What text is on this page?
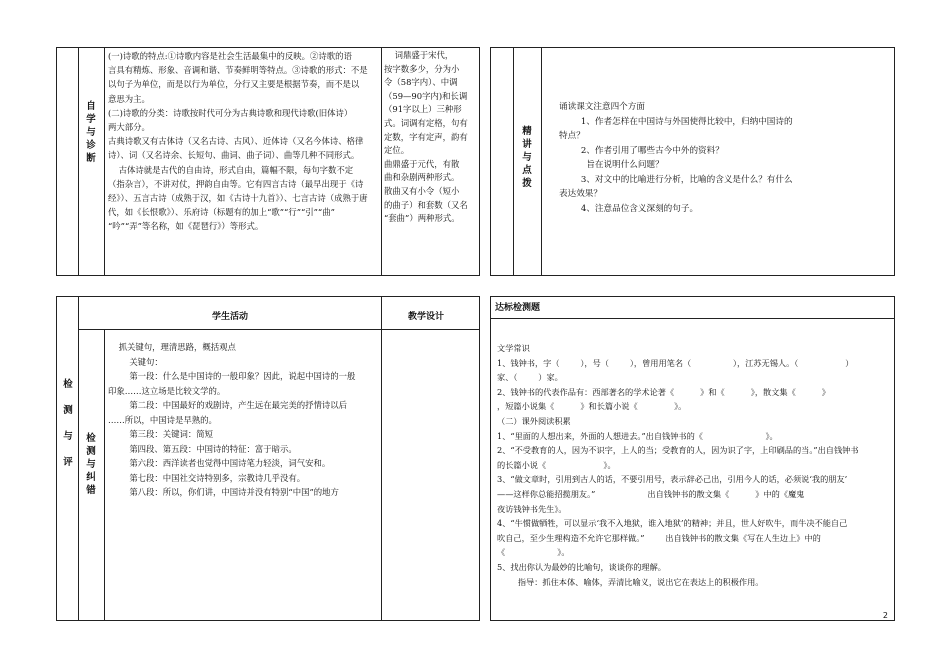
自
学
与
诊
断
(一)诗歌的特点:①诗歌内容是社会生活最集中的反映。②诗歌的语
言具有精炼、形象、音调和谐、节奏鲜明等特点。③诗歌的形式：不是
以句子为单位，而是以行为单位，分行又主要是根据节奏，而不是以
意思为主。
(二)诗歌的分类：诗歌按时代可分为古典诗歌和现代诗歌(旧体诗）
两大部分。
古典诗歌又有古体诗（又名古诗、古风）、近体诗（又名今体诗、格律
诗）、词（又名诗余、长短句、曲词、曲子词）、曲等几种不同形式。
古体诗就是古代的自由诗，形式自由，篇幅不限，每句字数不定
（指杂言），不讲对仗，押韵自由等。它有四言古诗（最早出现于《诗
经》）、五言古诗（成熟于汉，如《古诗十九首》）、七言古诗（成熟于唐
代，如《长恨歌》）、乐府诗（标题有的加上“歌”“行”“引”“曲”
“吟”“弄”等名称，如《琵琶行》）等形式。
词鼎盛于宋代，
按字数多少，分为小
令（58字内）、中调
（59—90字内)和长调
（91字以上）三种形
式。词调有定格，句有
定数，字有定声，韵有
定位。
曲鼎盛于元代，有散
曲和杂剧两种形式。
散曲又有小令（短小
的曲子）和套数（又名
“套曲”）两种形式。
精
讲
与
点
拨
诵读课文注意四个方面
1、作者怎样在中国诗与外国使得比较中，归纳中国诗的
特点？
2、作者引用了哪些古今中外的资料？
旨在说明什么问题？
3、对文中的比喻进行分析，比喻的含义是什么？有什么
表达效果？
4、注意品位含义深刻的句子。
学生活动	教学设计
检

测

与

评
检
测
与
纠
错
抓关键句，理清思路，概括观点
关键句：
第一段：什么是中国诗的一般印象？因此，说起中国诗的一般
印象……这立场是比较文学的。
第二段：中国最好的戏剧诗，产生远在最完美的抒情诗以后
……所以，中国诗是早熟的。
第三段：关键词：简短
第四段、第五段：中国诗的特征：富于暗示。
第六段：西洋读者也觉得中国诗笔力轻淡，词气安和。
第七段：中国社交诗特别多，宗教诗几乎没有。
第八段：所以，你们讲，中国诗并没有特别“中国”的地方
达标检测题
文学常识
1、钱钟书，字（        ），号（        ），曾用用笔名（                ），江苏无锡人。（                  ）
家、（        ）家。
2、钱钟书的代表作品有：西部著名的学术论著《          》和《          》，散文集《          》
，短篇小说集《          》和长篇小说《              》。
（二）课外阅读积累
1、“里面的人想出来，外面的人想进去。”出自钱钟书的《                        》。
2、“不受教育的人，因为不识字，上人的当；受教育的人，因为识了字，上印刷品的当。”出自钱钟书
的长篇小说《                      》。
3、“做文章时，引用到古人的话，不要引用号，表示辞必己出，引用今人的话，必须说‘我的朋友’
——这样你总能招揽朋友。”                    出自钱钟书的散文集《          》中的《魔鬼
夜访钱钟书先生》。
4、“牛惯做牺牲，可以显示‘我不入地狱，谁入地狱’的精神；并且，世人好吹牛，而牛决不能自己
吹自己，至少生理构造不允许它那样做。”        出自钱钟书的散文集《写在人生边上》中的
《                    》。
5、找出你认为最妙的比喻句，谈谈你的理解。
指导：抓住本体、喻体，弄清比喻义，说出它在表达上的积极作用。
2
